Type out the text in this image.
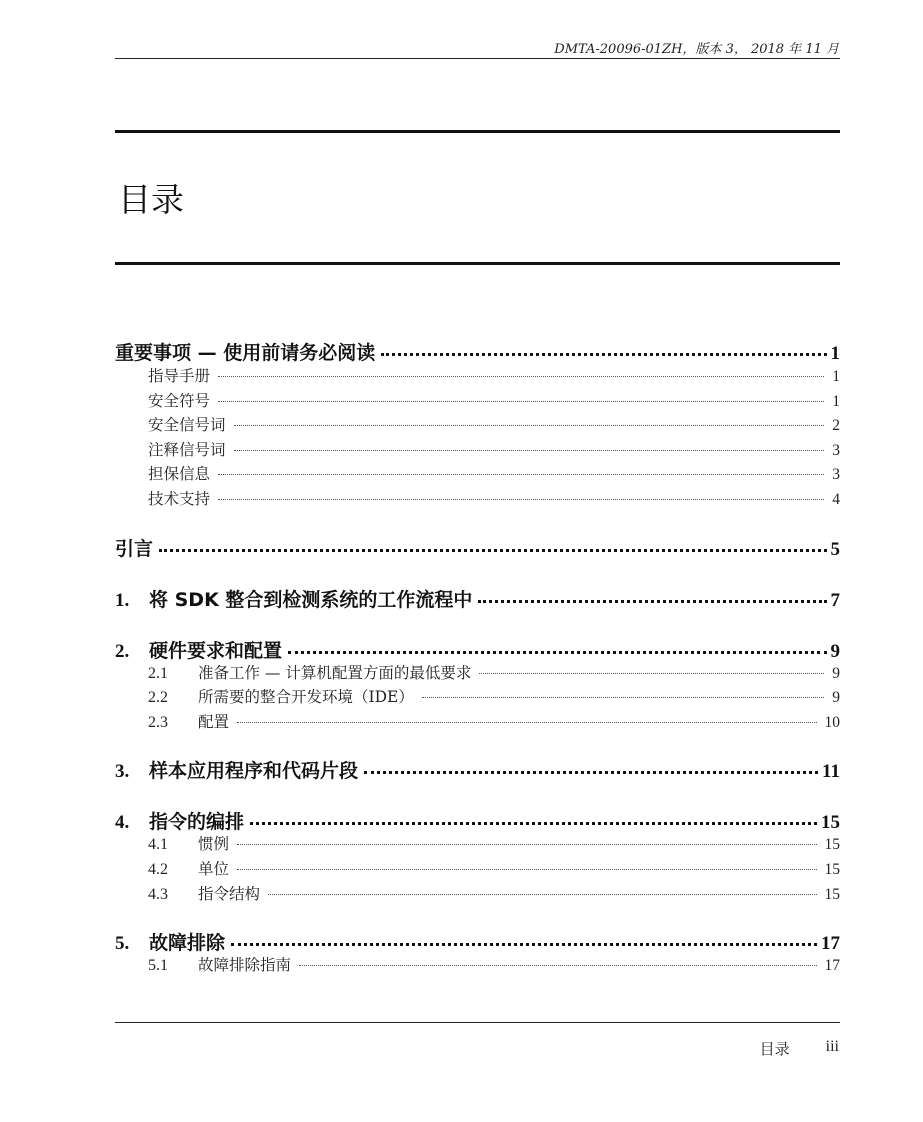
DMTA-20096-01ZH，版本 3， 2018 年 11 月
目录
重要事项 — 使用前请务必阅读	1
指导手册	1
安全符号	1
安全信号词	2
注释信号词	3
担保信息	3
技术支持	4
引言	5
1.	将 SDK 整合到检测系统的工作流程中	7
2.	硬件要求和配置	9
2.1	准备工作 — 计算机配置方面的最低要求	9
2.2	所需要的整合开发环境（IDE）	9
2.3	配置	10
3.	样本应用程序和代码片段	11
4.	指令的编排	15
4.1	惯例	15
4.2	单位	15
4.3	指令结构	15
5.	故障排除	17
5.1	故障排除指南	17
目录 iii
